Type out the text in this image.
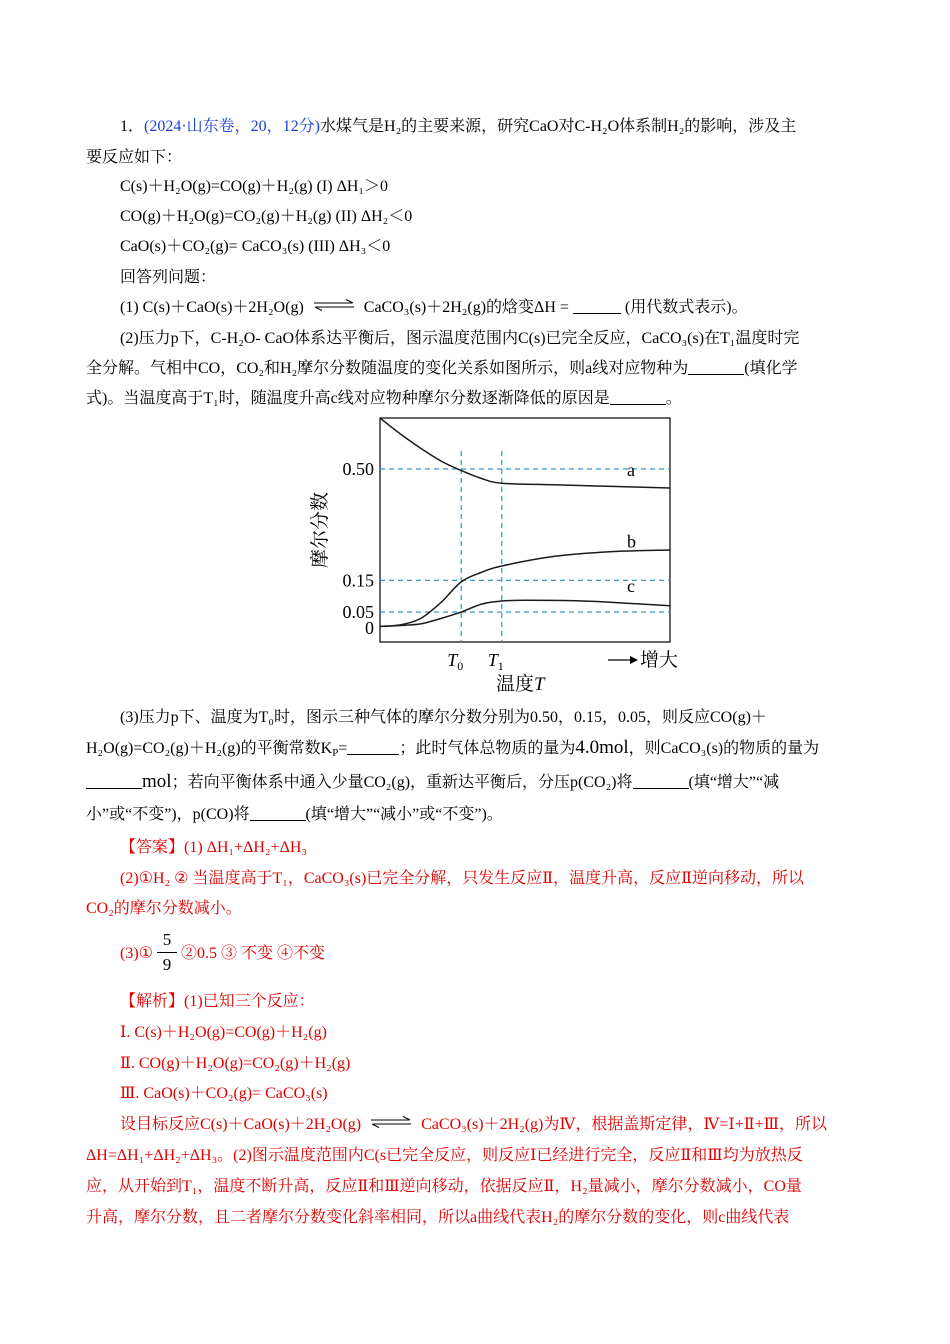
1．(2024·山东卷，20，12分)水煤气是H₂的主要来源，研究CaO对C-H₂O体系制H₂的影响，涉及主
要反应如下：
C(s)＋H₂O(g)=CO(g)＋H₂(g) (I) ΔH₁＞0
CO(g)＋H₂O(g)=CO₂(g)＋H₂(g) (II) ΔH₂＜0
CaO(s)＋CO₂(g)= CaCO₃(s) (III) ΔH₃＜0
回答列问题：
(1) C(s)＋CaO(s)＋2H₂O(g) ⇌ CaCO₃(s)＋2H₂(g)的焓变ΔH =	(用代数式表示)。
(2)压力p下，C-H₂O- CaO体系达平衡后，图示温度范围内C(s)已完全反应，CaCO₃(s)在T₁温度时完
全分解。气相中CO，CO₂和H₂摩尔分数随温度的变化关系如图所示，则a线对应物种为	(填化学
式)。当温度高于T₁时，随温度升高c线对应物种摩尔分数逐渐降低的原因是	。
0.50
0.15
0.05
0
a
b
c
摩尔分数
$T_0$ $T_1$	增大
温度T
(3)压力p下、温度为T₀时，图示三种气体的摩尔分数分别为0.50，0.15，0.05，则反应CO(g)＋
H₂O(g)=CO₂(g)＋H₂(g)的平衡常数$K_P=$	；此时气体总物质的量为4.0mol，则CaCO₃(s)的物质的量为
mol；若向平衡体系中通入少量CO₂(g)，重新达平衡后，分压p(CO₂)将	(填“增大”“减
小”或“不变”)，p(CO)将	(填“增大”“减小”或“不变”)。
【答案】(1) ΔH₁+ΔH₂+ΔH₃
(2)①H₂ ② 当温度高于T₁，CaCO₃(s)已完全分解，只发生反应Ⅱ，温度升高，反应Ⅱ逆向移动，所以
CO₂的摩尔分数减小。
(3)① ②0.5 ③ 不变 ④不变
5
9
【解析】(1)已知三个反应：
Ⅰ. C(s)＋H₂O(g)=CO(g)＋H₂(g)
Ⅱ. CO(g)＋H₂O(g)=CO₂(g)＋H₂(g)
Ⅲ. CaO(s)＋CO₂(g)= CaCO₃(s)
设目标反应C(s)＋CaO(s)＋2H₂O(g) ⇌ CaCO₃(s)＋2H₂(g)为Ⅳ，根据盖斯定律，Ⅳ=Ⅰ+Ⅱ+Ⅲ，所以
ΔH=ΔH₁+ΔH₂+ΔH₃。(2)图示温度范围内C(s已完全反应，则反应Ⅰ已经进行完全，反应Ⅱ和Ⅲ均为放热反
应，从开始到T₁，温度不断升高，反应Ⅱ和Ⅲ逆向移动，依据反应Ⅱ，H₂量减小，摩尔分数减小，CO量
升高，摩尔分数，且二者摩尔分数变化斜率相同，所以a曲线代表H₂的摩尔分数的变化，则c曲线代表
